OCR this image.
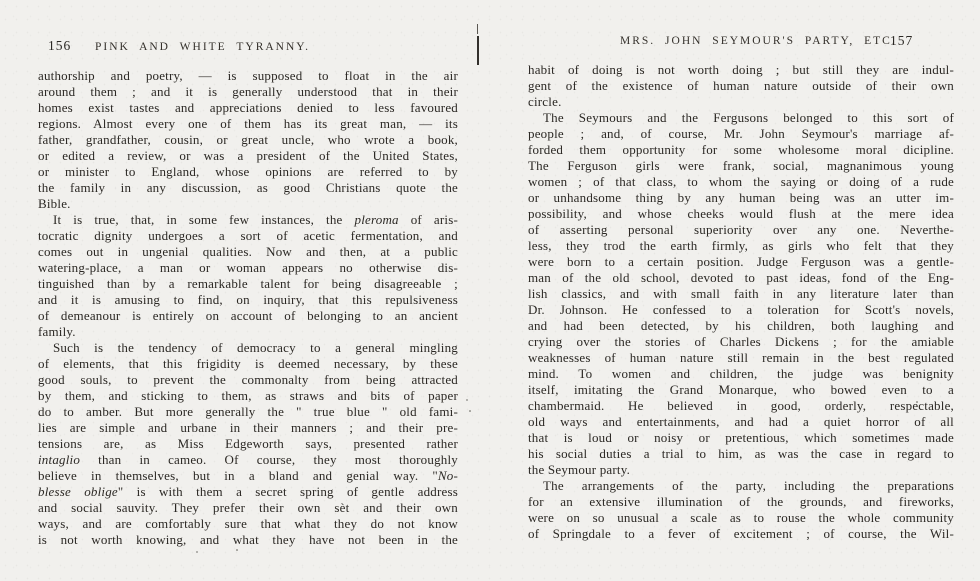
156 PINK AND WHITE TYRANNY.
authorship and poetry, — is supposed to float in the air
around them ; and it is generally understood that in their
homes exist tastes and appreciations denied to less favoured
regions. Almost every one of them has its great man, — its
father, grandfather, cousin, or great uncle, who wrote a book,
or edited a review, or was a president of the United States,
or minister to England, whose opinions are referred to by
the family in any discussion, as good Christians quote the
Bible.
It is true, that, in some few instances, the pleroma of aris-
tocratic dignity undergoes a sort of acetic fermentation, and
comes out in ungenial qualities. Now and then, at a public
watering-place, a man or woman appears no otherwise dis-
tinguished than by a remarkable talent for being disagreeable ;
and it is amusing to find, on inquiry, that this repulsiveness
of demeanour is entirely on account of belonging to an ancient
family.
Such is the tendency of democracy to a general mingling
of elements, that this frigidity is deemed necessary, by these
good souls, to prevent the commonalty from being attracted
by them, and sticking to them, as straws and bits of paper
do to amber. But more generally the " true blue " old fami-
lies are simple and urbane in their manners ; and their pre-
tensions are, as Miss Edgeworth says, presented rather
intaglio than in cameo. Of course, they most thoroughly
believe in themselves, but in a bland and genial way. "No-
blesse oblige" is with them a secret spring of gentle address
and social sauvity. They prefer their own sèt and their own
ways, and are comfortably sure that what they do not know
is not worth knowing, and what they have not been in the
MRS. JOHN SEYMOUR'S PARTY, ETC.
157
habit of doing is not worth doing ; but still they are indul-
gent of the existence of human nature outside of their own
circle.
The Seymours and the Fergusons belonged to this sort of
people ; and, of course, Mr. John Seymour's marriage af-
forded them opportunity for some wholesome moral dicipline.
The Ferguson girls were frank, social, magnanimous young
women ; of that class, to whom the saying or doing of a rude
or unhandsome thing by any human being was an utter im-
possibility, and whose cheeks would flush at the mere idea
of asserting personal superiority over any one. Neverthe-
less, they trod the earth firmly, as girls who felt that they
were born to a certain position. Judge Ferguson was a gentle-
man of the old school, devoted to past ideas, fond of the Eng-
lish classics, and with small faith in any literature later than
Dr. Johnson. He confessed to a toleration for Scott's novels,
and had been detected, by his children, both laughing and
crying over the stories of Charles Dickens ; for the amiable
weaknesses of human nature still remain in the best regulated
mind. To women and children, the judge was benignity
itself, imitating the Grand Monarque, who bowed even to a
chambermaid. He believed in good, orderly, respectable,
old ways and entertainments, and had a quiet horror of all
that is loud or noisy or pretentious, which sometimes made
his social duties a trial to him, as was the case in regard to
the Seymour party.
The arrangements of the party, including the preparations
for an extensive illumination of the grounds, and fireworks,
were on so unusual a scale as to rouse the whole community
of Springdale to a fever of excitement ; of course, the Wil-
